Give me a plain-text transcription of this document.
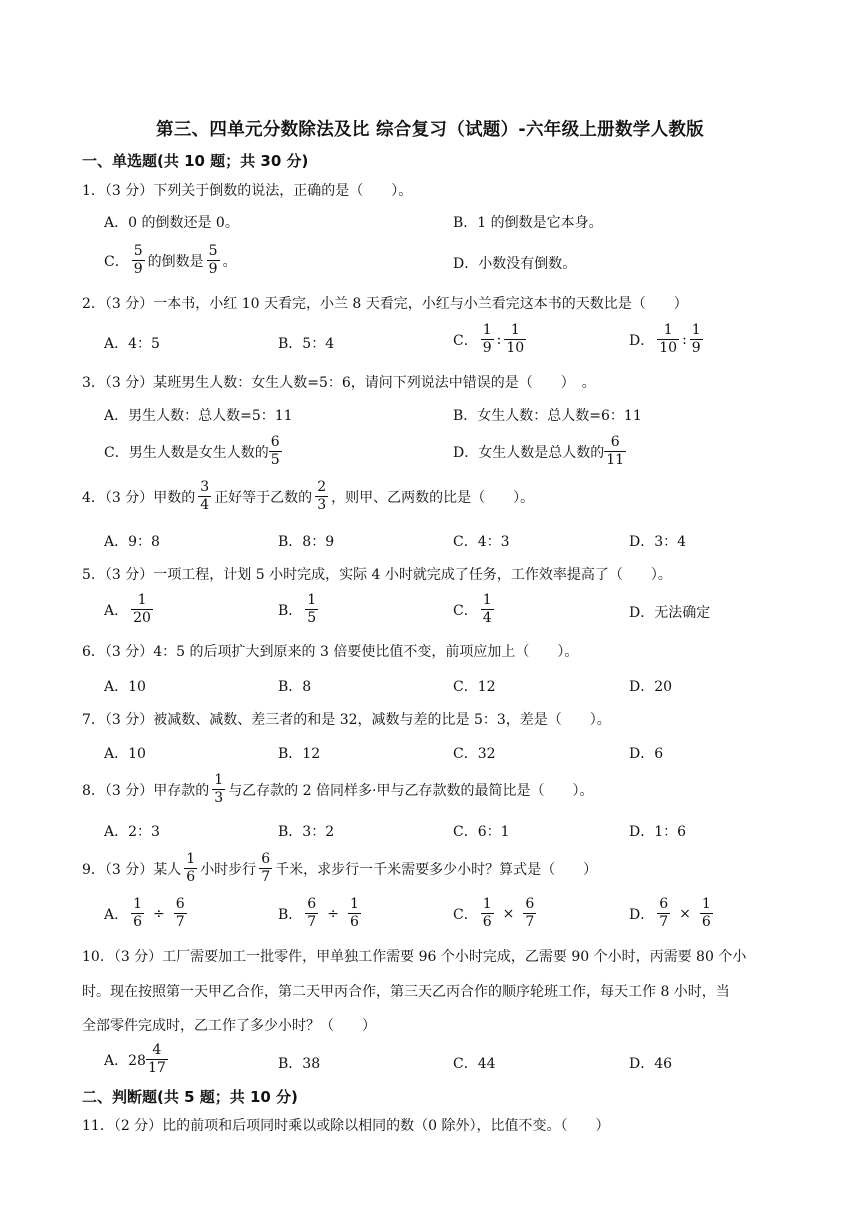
第三、四单元分数除法及比 综合复习（试题）-六年级上册数学人教版
一、单选题(共 10 题；共 30 分)
1．（3 分）下列关于倒数的说法，正确的是（　　）。
A．0 的倒数还是 0。	B．1 的倒数是它本身。
C． $\frac{5}{9}$ 的倒数是 $\frac{5}{9}$ 。	D．小数没有倒数。
2．（3 分）一本书，小红 10 天看完，小兰 8 天看完，小红与小兰看完这本书的天数比是（　　）
A．4：5	B．5：4	C． $\frac{1}{9}$ : $\frac{1}{10}$	D． $\frac{1}{10}$ : $\frac{1}{9}$
3．（3 分）某班男生人数：女生人数=5：6，请问下列说法中错误的是（　　）　。
A．男生人数：总人数=5：11	B．女生人数：总人数=6：11
C．男生人数是女生人数的 $\frac{6}{5}$	D．女生人数是总人数的 $\frac{6}{11}$
4．（3 分）甲数的 $\frac{3}{4}$ 正好等于乙数的 $\frac{2}{3}$ ，则甲、乙两数的比是（　　）。
A．9：8	B．8：9	C．4：3	D．3：4
5．（3 分）一项工程，计划 5 小时完成，实际 4 小时就完成了任务，工作效率提高了（　　）。
A． $\frac{1}{20}$	B． $\frac{1}{5}$	C． $\frac{1}{4}$	D．无法确定
6．（3 分）4：5 的后项扩大到原来的 3 倍要使比值不变，前项应加上（　　）。
A．10	B．8	C．12	D．20
7．（3 分）被减数、减数、差三者的和是 32，减数与差的比是 5：3，差是（　　）。
A．10	B．12	C．32	D．6
8．（3 分）甲存款的 $\frac{1}{3}$ 与乙存款的 2 倍同样多·甲与乙存款数的最简比是（　　）。
A．2：3	B．3：2	C．6：1	D．1：6
9．（3 分）某人 $\frac{1}{6}$ 小时步行 $\frac{6}{7}$ 千米，求步行一千米需要多少小时？算式是（　　）
A． $\frac{1}{6} \div \frac{6}{7}$	B． $\frac{6}{7} \div \frac{1}{6}$	C． $\frac{1}{6} \times \frac{6}{7}$	D． $\frac{6}{7} \times \frac{1}{6}$
10．（3 分）工厂需要加工一批零件，甲单独工作需要 96 个小时完成，乙需要 90 个小时，丙需要 80 个小
时。现在按照第一天甲乙合作，第二天甲丙合作，第三天乙丙合作的顺序轮班工作，每天工作 8 小时，当
全部零件完成时，乙工作了多少小时？（　　）
A．$28 \frac{4}{17}$	B．38	C．44	D．46
二、判断题(共 5 题；共 10 分)
11．（2 分）比的前项和后项同时乘以或除以相同的数（0 除外），比值不变。（　　）
